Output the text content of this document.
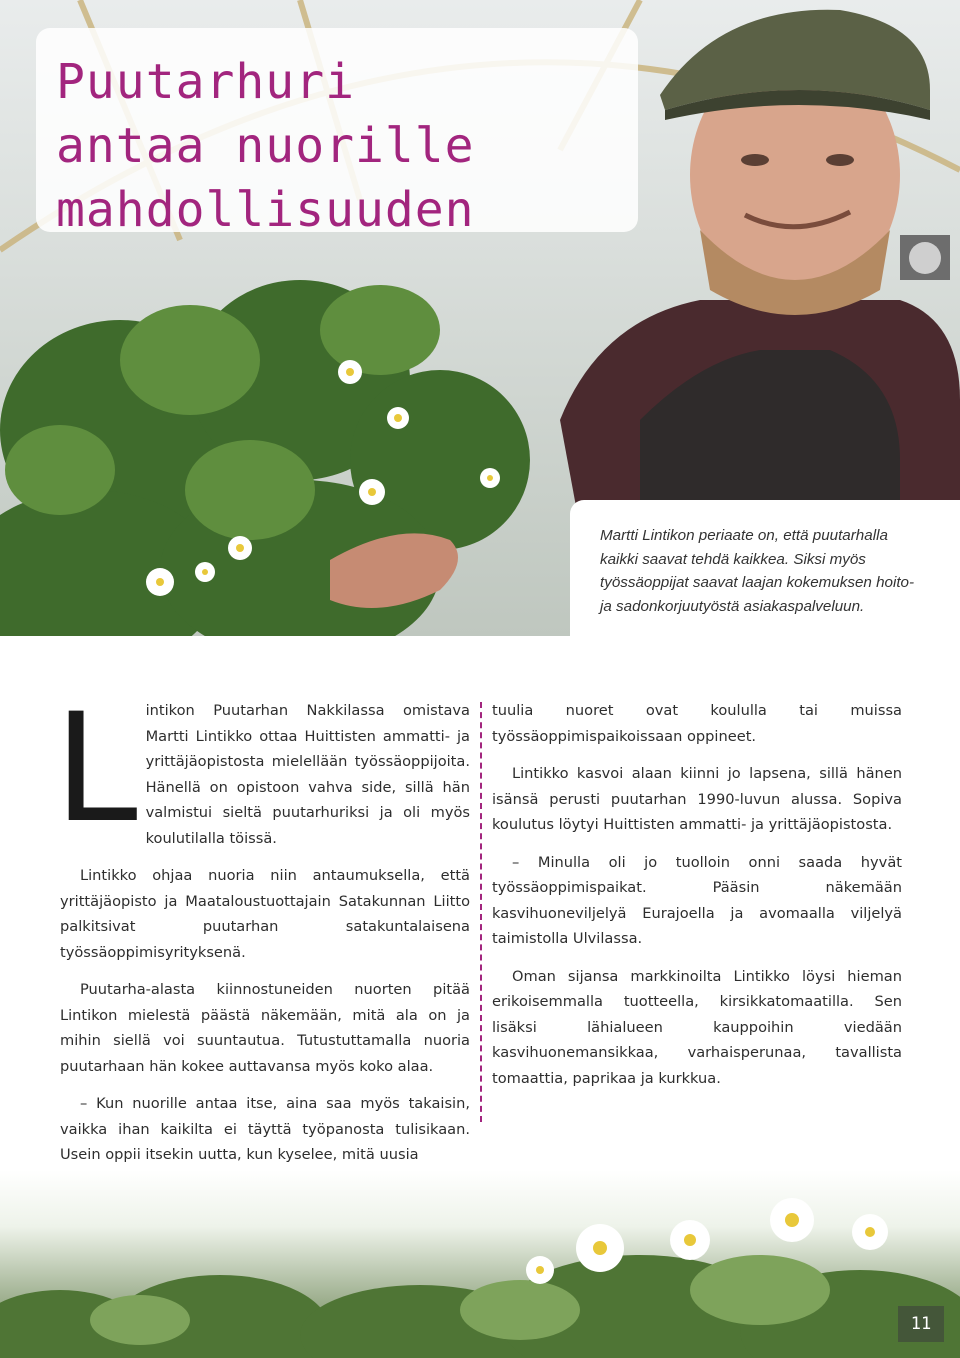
Puutarhuri
antaa nuorille
mahdollisuuden

Martti Lintikon periaate on, että puutarhalla kaikki saavat tehdä kaikkea. Siksi myös työssäoppijat saavat laajan kokemuksen hoito- ja sadonkorjuutyöstä asiakaspalveluun.

Lintikon Puutarhan Nakkilassa omistava Martti Lintikko ottaa Huittisten ammatti- ja yrittäjäopistosta mielellään työssäoppijoita. Hänellä on opistoon vahva side, sillä hän valmistui sieltä puutarhuriksi ja oli myös koulutilalla töissä.

Lintikko ohjaa nuoria niin antaumuksella, että yrittäjäopisto ja Maataloustuottajain Satakunnan Liitto palkitsivat puutarhan satakuntalaisena työssäoppimisyrityksenä.

Puutarha-alasta kiinnostuneiden nuorten pitää Lintikon mielestä päästä näkemään, mitä ala on ja mihin siellä voi suuntautua. Tutustuttamalla nuoria puutarhaan hän kokee auttavansa myös koko alaa.

– Kun nuorille antaa itse, aina saa myös takaisin, vaikka ihan kaikilta ei täyttä työpanosta tulisikaan. Usein oppii itsekin uutta, kun kyselee, mitä uusia

tuulia nuoret ovat koululla tai muissa työssäoppimispaikoissaan oppineet.

Lintikko kasvoi alaan kiinni jo lapsena, sillä hänen isänsä perusti puutarhan 1990-luvun alussa. Sopiva koulutus löytyi Huittisten ammatti- ja yrittäjäopistosta.

– Minulla oli jo tuolloin onni saada hyvät työssäoppimispaikat. Pääsin näkemään kasvihuoneviljelyä Eurajoella ja avomaalla viljelyä taimistolla Ulvilassa.

Oman sijansa markkinoilta Lintikko löysi hieman erikoisemmalla tuotteella, kirsikkatomaatilla. Sen lisäksi lähialueen kauppoihin viedään kasvihuonemansikkaa, varhaisperunaa, tavallista tomaattia, paprikaa ja kurkkua.

11
